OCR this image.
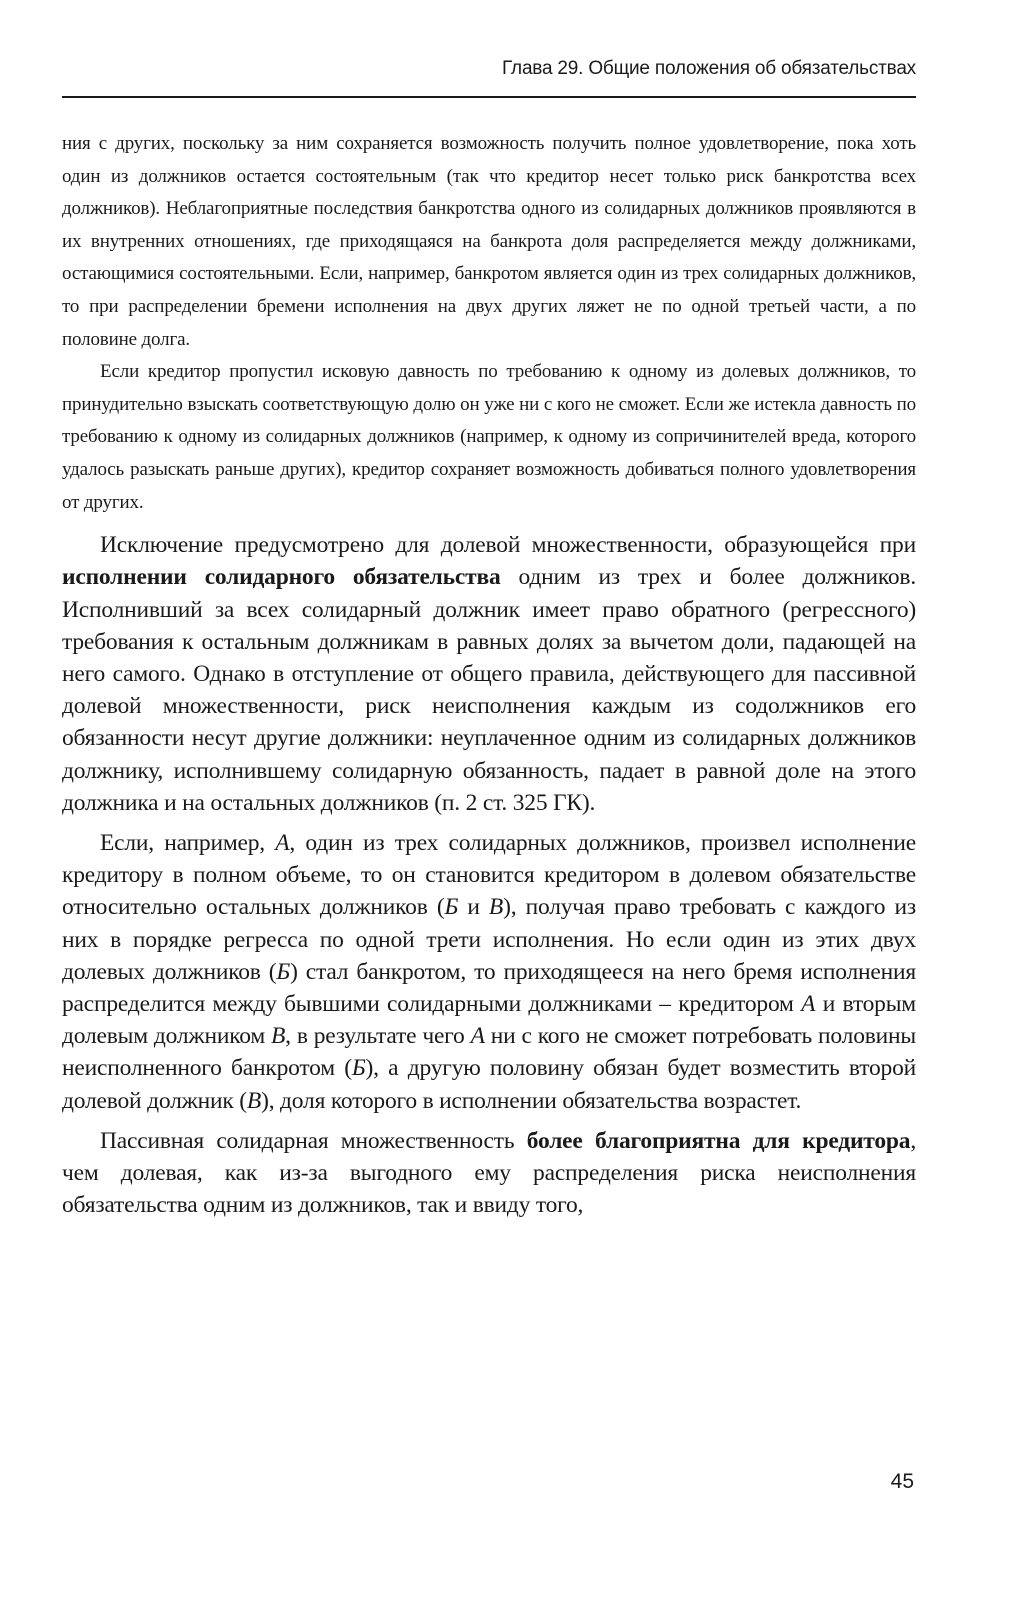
Глава 29. Общие положения об обязательствах

ния с других, поскольку за ним сохраняется возможность получить полное удовлетворение, пока хоть один из должников остается состоятельным (так что кредитор несет только риск банкротства всех должников). Неблагоприятные последствия банкротства одного из солидарных должников проявляются в их внутренних отношениях, где приходящаяся на банкрота доля распределяется между должниками, остающимися состоятельными. Если, например, банкротом является один из трех солидарных должников, то при распределении бремени исполнения на двух других ляжет не по одной третьей части, а по половине долга.

Если кредитор пропустил исковую давность по требованию к одному из долевых должников, то принудительно взыскать соответствующую долю он уже ни с кого не сможет. Если же истекла давность по требованию к одному из солидарных должников (например, к одному из сопричинителей вреда, которого удалось разыскать раньше других), кредитор сохраняет возможность добиваться полного удовлетворения от других.

Исключение предусмотрено для долевой множественности, образующейся при исполнении солидарного обязательства одним из трех и более должников. Исполнивший за всех солидарный должник имеет право обратного (регрессного) требования к остальным должникам в равных долях за вычетом доли, падающей на него самого. Однако в отступление от общего правила, действующего для пассивной долевой множественности, риск неисполнения каждым из содолжников его обязанности несут другие должники: неуплаченное одним из солидарных должников должнику, исполнившему солидарную обязанность, падает в равной доле на этого должника и на остальных должников (п. 2 ст. 325 ГК).

Если, например, А, один из трех солидарных должников, произвел исполнение кредитору в полном объеме, то он становится кредитором в долевом обязательстве относительно остальных должников (Б и В), получая право требовать с каждого из них в порядке регресса по одной трети исполнения. Но если один из этих двух долевых должников (Б) стал банкротом, то приходящееся на него бремя исполнения распределится между бывшими солидарными должниками – кредитором А и вторым долевым должником В, в результате чего А ни с кого не сможет потребовать половины неисполненного банкротом (Б), а другую половину обязан будет возместить второй долевой должник (В), доля которого в исполнении обязательства возрастет.

Пассивная солидарная множественность более благоприятна для кредитора, чем долевая, как из-за выгодного ему распределения риска неисполнения обязательства одним из должников, так и ввиду того,

45
